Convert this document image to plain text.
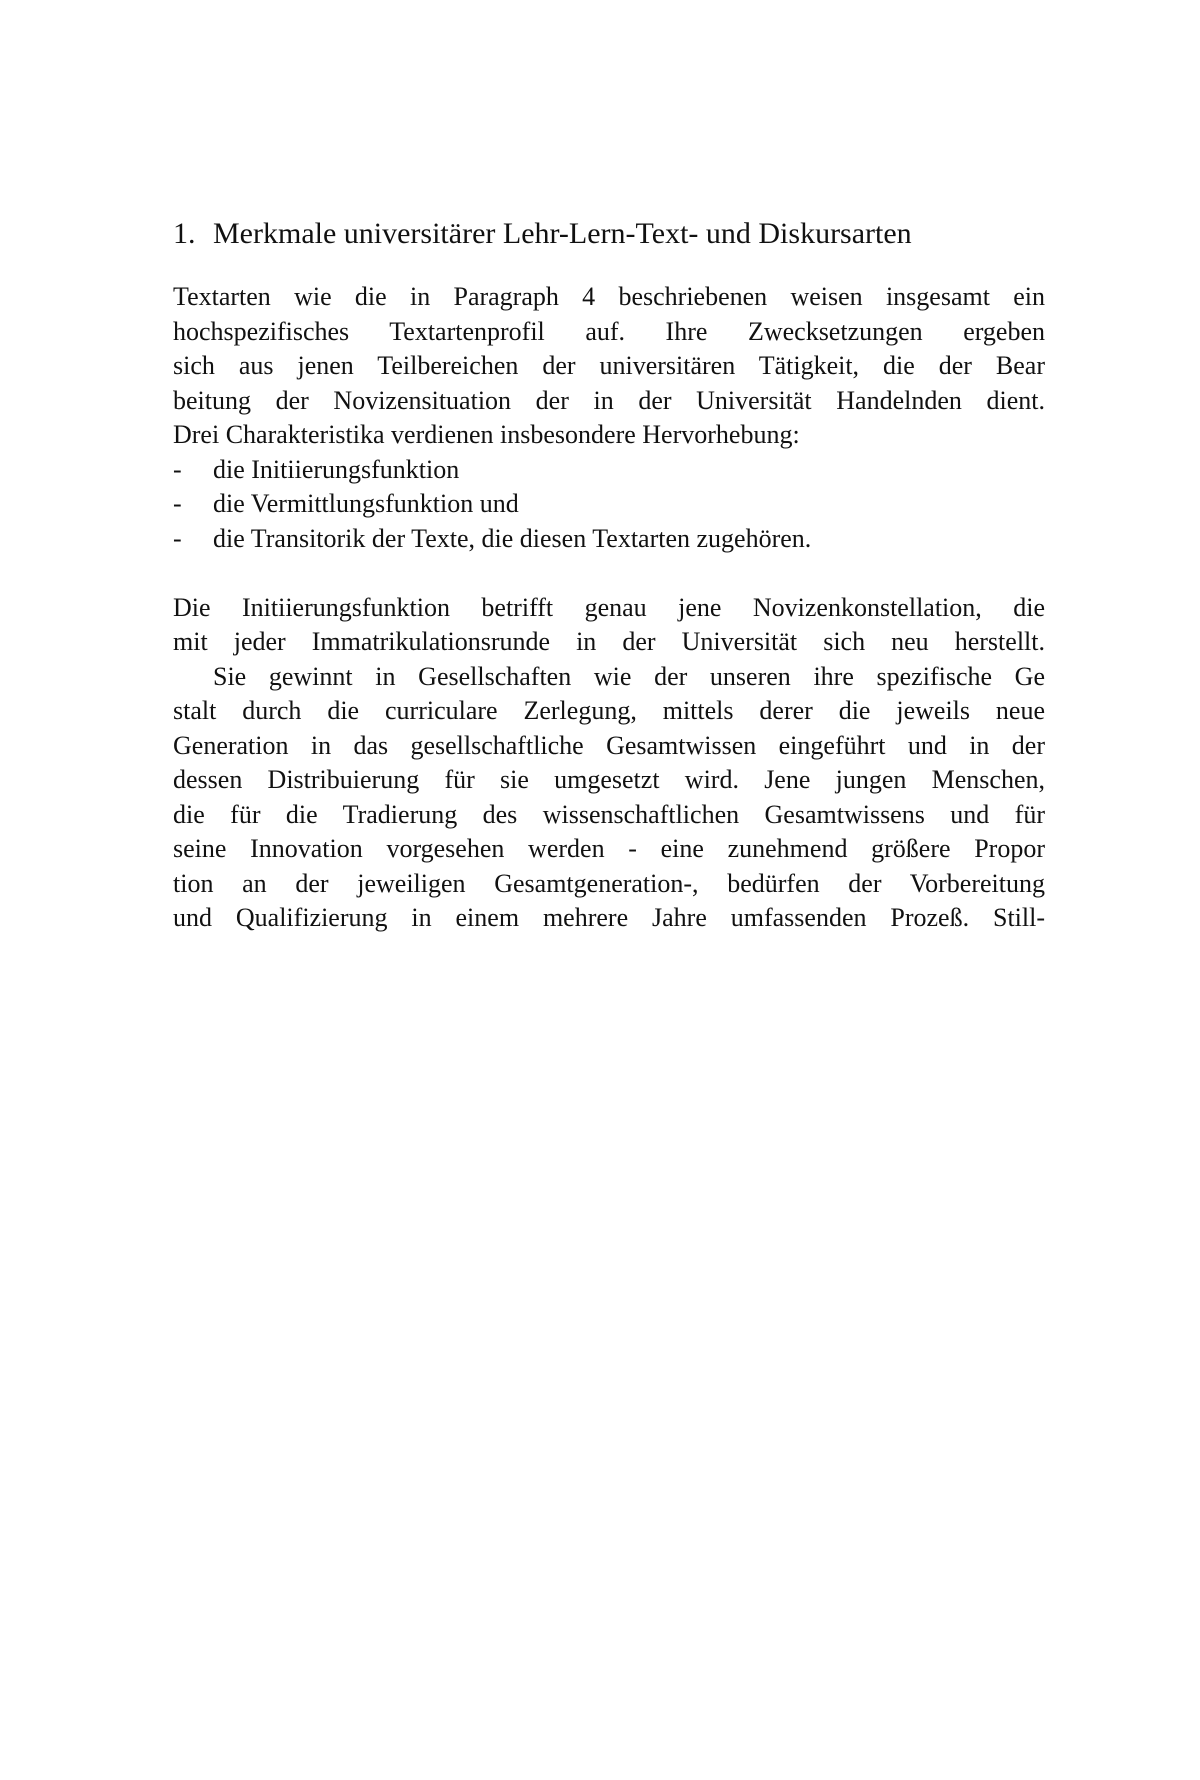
1. Merkmale universitärer Lehr-Lern-Text- und Diskursarten
Textarten wie die in Paragraph 4 beschriebenen weisen insgesamt ein
hochspezifisches Textartenprofil auf. Ihre Zwecksetzungen ergeben
sich aus jenen Teilbereichen der universitären Tätigkeit, die der Bear
beitung der Novizensituation der in der Universität Handelnden dient.
Drei Charakteristika verdienen insbesondere Hervorhebung:
- die Initiierungsfunktion
- die Vermittlungsfunktion und
- die Transitorik der Texte, die diesen Textarten zugehören.
Die Initiierungsfunktion betrifft genau jene Novizenkonstellation, die
mit jeder Immatrikulationsrunde in der Universität sich neu herstellt.
Sie gewinnt in Gesellschaften wie der unseren ihre spezifische Ge
stalt durch die curriculare Zerlegung, mittels derer die jeweils neue
Generation in das gesellschaftliche Gesamtwissen eingeführt und in der
dessen Distribuierung für sie umgesetzt wird. Jene jungen Menschen,
die für die Tradierung des wissenschaftlichen Gesamtwissens und für
seine Innovation vorgesehen werden - eine zunehmend größere Propor
tion an der jeweiligen Gesamtgeneration-, bedürfen der Vorbereitung
und Qualifizierung in einem mehrere Jahre umfassenden Prozeß. Still-
